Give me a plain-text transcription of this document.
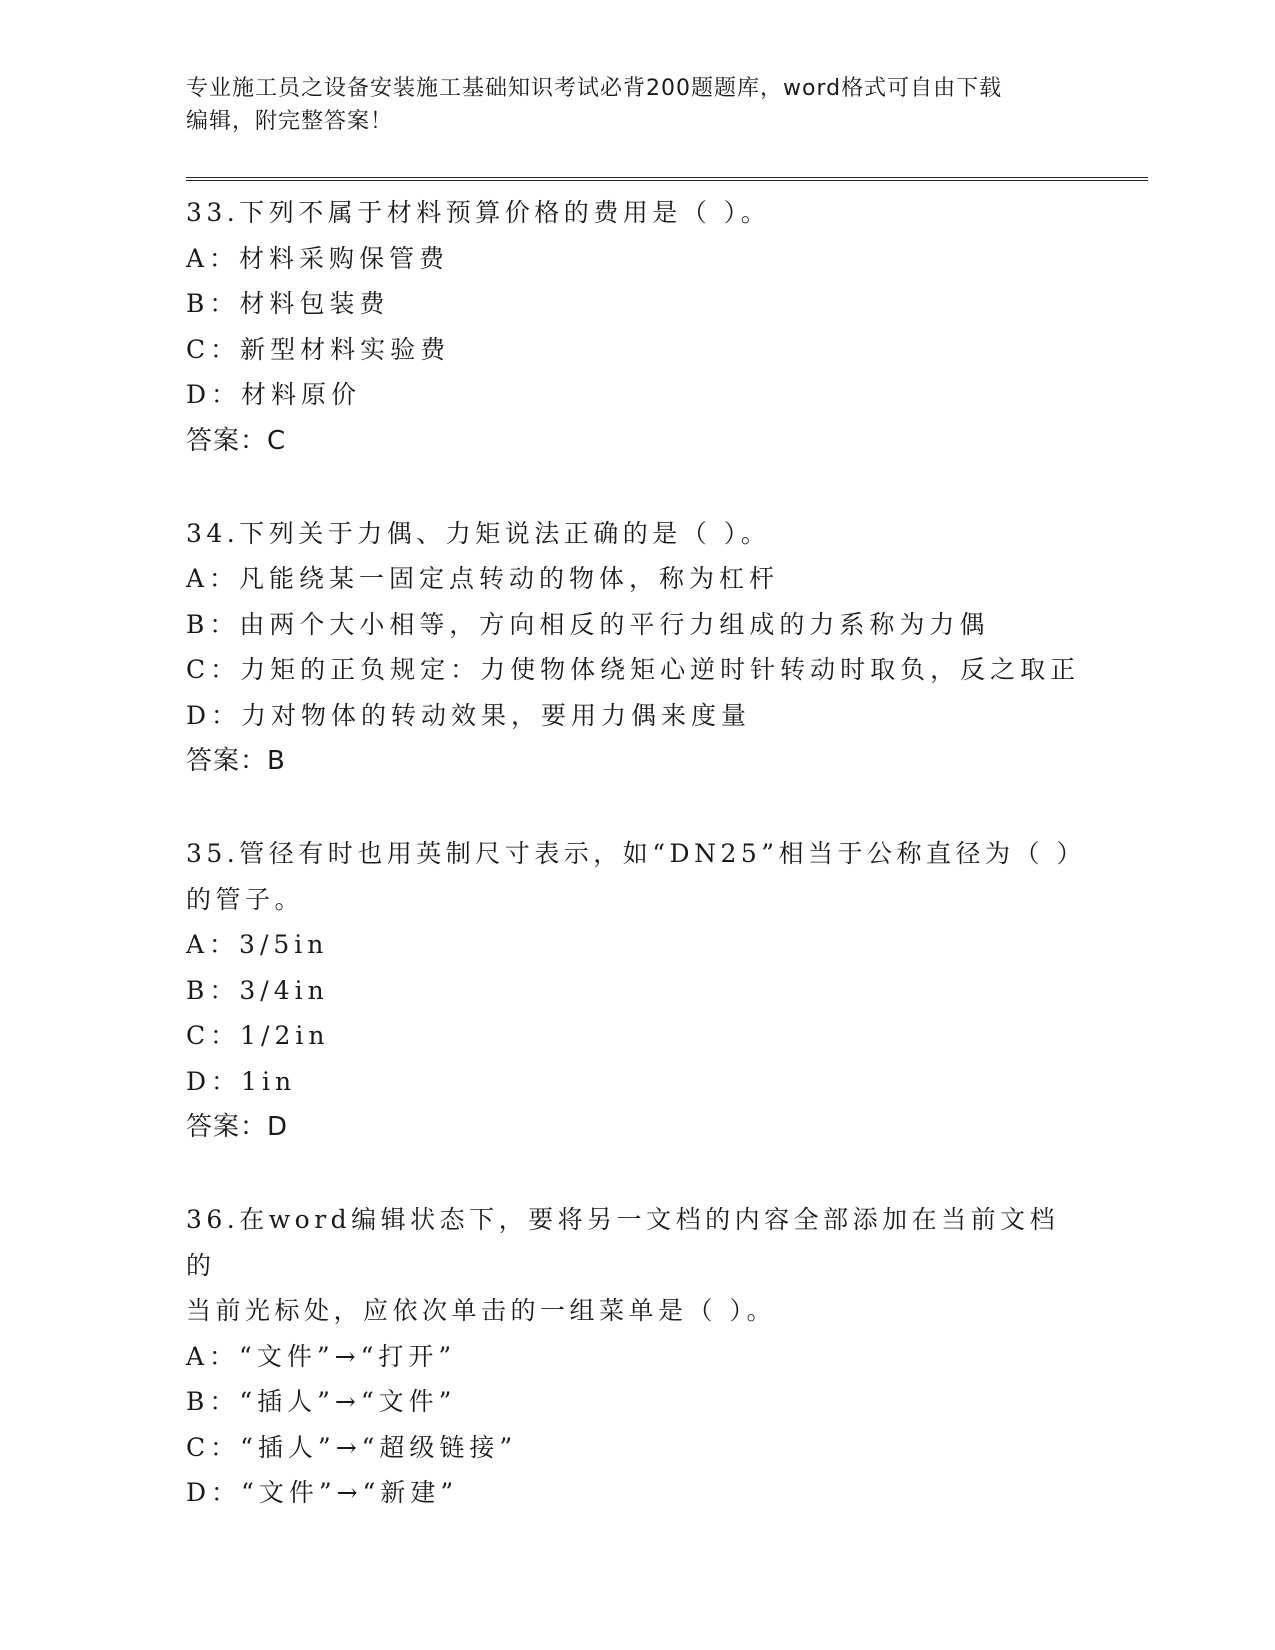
专业施工员之设备安装施工基础知识考试必背200题题库，word格式可自由下载
编辑，附完整答案！
33.下列不属于材料预算价格的费用是（ ）。
A：材料采购保管费
B：材料包装费
C：新型材料实验费
D：材料原价
答案：C
34.下列关于力偶、力矩说法正确的是（ ）。
A：凡能绕某一固定点转动的物体，称为杠杆
B：由两个大小相等，方向相反的平行力组成的力系称为力偶
C：力矩的正负规定：力使物体绕矩心逆时针转动时取负，反之取正
D：力对物体的转动效果，要用力偶来度量
答案：B
35.管径有时也用英制尺寸表示，如“DN25”相当于公称直径为（ ）
的管子。
A：3/5in
B：3/4in
C：1/2in
D：1in
答案：D
36.在word编辑状态下，要将另一文档的内容全部添加在当前文档的
当前光标处，应依次单击的一组菜单是（ ）。
A：“文件”→“打开”
B：“插人”→“文件”
C：“插人”→“超级链接”
D：“文件”→“新建”
